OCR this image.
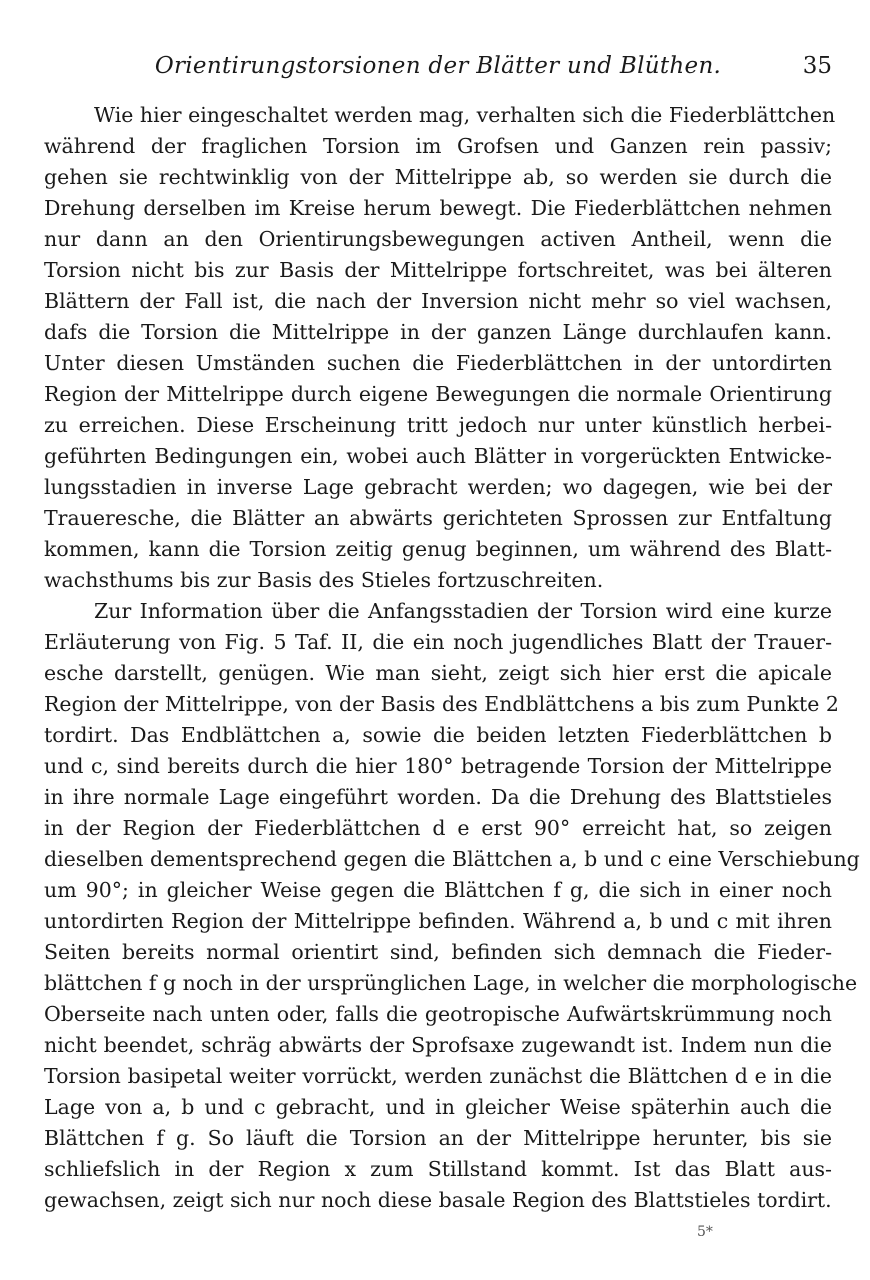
Orientirungstorsionen der Blätter und Blüthen.	35
Wie hier eingeschaltet werden mag, verhalten sich die Fiederblättchen
während der fraglichen Torsion im Grofsen und Ganzen rein passiv;
gehen sie rechtwinklig von der Mittelrippe ab, so werden sie durch die
Drehung derselben im Kreise herum bewegt. Die Fiederblättchen nehmen
nur dann an den Orientirungsbewegungen activen Antheil, wenn die
Torsion nicht bis zur Basis der Mittelrippe fortschreitet, was bei älteren
Blättern der Fall ist, die nach der Inversion nicht mehr so viel wachsen,
dafs die Torsion die Mittelrippe in der ganzen Länge durchlaufen kann.
Unter diesen Umständen suchen die Fiederblättchen in der untordirten
Region der Mittelrippe durch eigene Bewegungen die normale Orientirung
zu erreichen. Diese Erscheinung tritt jedoch nur unter künstlich herbei-
geführten Bedingungen ein, wobei auch Blätter in vorgerückten Entwicke-
lungsstadien in inverse Lage gebracht werden; wo dagegen, wie bei der
Traueresche, die Blätter an abwärts gerichteten Sprossen zur Entfaltung
kommen, kann die Torsion zeitig genug beginnen, um während des Blatt-
wachsthums bis zur Basis des Stieles fortzuschreiten.
Zur Information über die Anfangsstadien der Torsion wird eine kurze
Erläuterung von Fig. 5 Taf. II, die ein noch jugendliches Blatt der Trauer-
esche darstellt, genügen. Wie man sieht, zeigt sich hier erst die apicale
Region der Mittelrippe, von der Basis des Endblättchens a bis zum Punkte 2
tordirt. Das Endblättchen a, sowie die beiden letzten Fiederblättchen b
und c, sind bereits durch die hier 180° betragende Torsion der Mittelrippe
in ihre normale Lage eingeführt worden. Da die Drehung des Blattstieles
in der Region der Fiederblättchen d e erst 90° erreicht hat, so zeigen
dieselben dementsprechend gegen die Blättchen a, b und c eine Verschiebung
um 90°; in gleicher Weise gegen die Blättchen f g, die sich in einer noch
untordirten Region der Mittelrippe befinden. Während a, b und c mit ihren
Seiten bereits normal orientirt sind, befinden sich demnach die Fieder-
blättchen f g noch in der ursprünglichen Lage, in welcher die morphologische
Oberseite nach unten oder, falls die geotropische Aufwärtskrümmung noch
nicht beendet, schräg abwärts der Sprofsaxe zugewandt ist. Indem nun die
Torsion basipetal weiter vorrückt, werden zunächst die Blättchen d e in die
Lage von a, b und c gebracht, und in gleicher Weise späterhin auch die
Blättchen f g. So läuft die Torsion an der Mittelrippe herunter, bis sie
schliefslich in der Region x zum Stillstand kommt. Ist das Blatt aus-
gewachsen, zeigt sich nur noch diese basale Region des Blattstieles tordirt.
5*
